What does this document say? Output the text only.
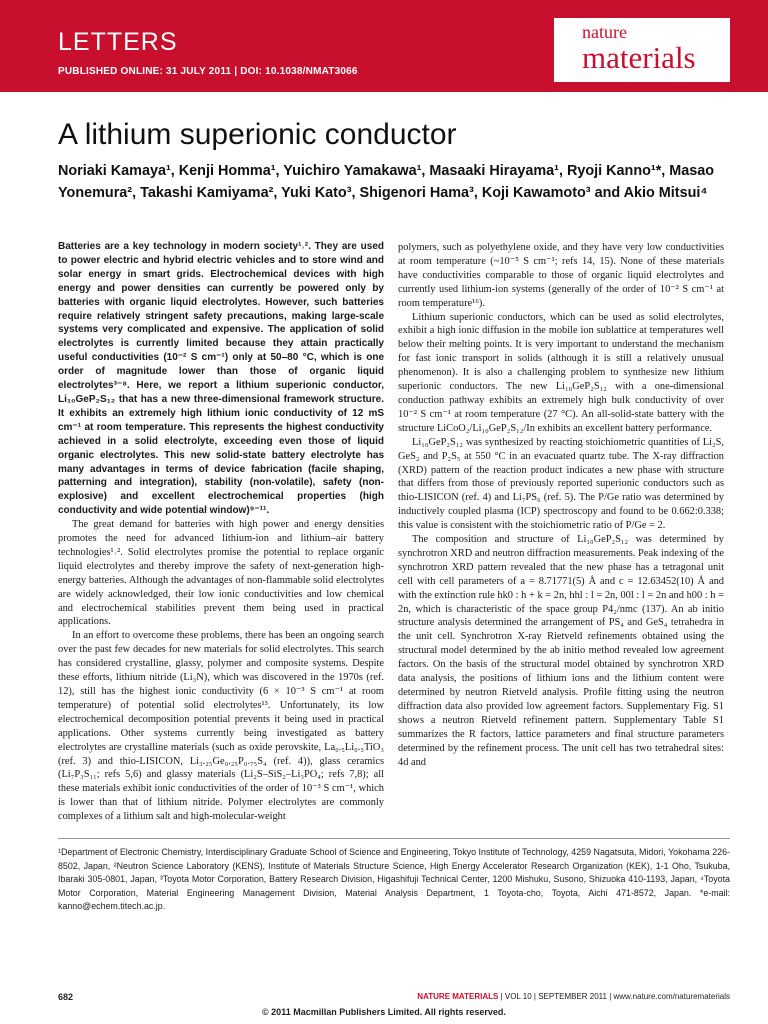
LETTERS
PUBLISHED ONLINE: 31 JULY 2011 | DOI: 10.1038/NMAT3066
nature
materials
A lithium superionic conductor
Noriaki Kamaya¹, Kenji Homma¹, Yuichiro Yamakawa¹, Masaaki Hirayama¹, Ryoji Kanno¹*, Masao Yonemura², Takashi Kamiyama², Yuki Kato³, Shigenori Hama³, Koji Kawamoto³ and Akio Mitsui⁴

Batteries are a key technology in modern society¹˒². They are used to power electric and hybrid electric vehicles and to store wind and solar energy in smart grids. Electrochemical devices with high energy and power densities can currently be powered only by batteries with organic liquid electrolytes. However, such batteries require relatively stringent safety precautions, making large-scale systems very complicated and expensive. The application of solid electrolytes is currently limited because they attain practically useful conductivities (10⁻² S cm⁻¹) only at 50–80 °C, which is one order of magnitude lower than those of organic liquid electrolytes³⁻⁸. Here, we report a lithium superionic conductor, Li₁₀GeP₂S₁₂ that has a new three-dimensional framework structure. It exhibits an extremely high lithium ionic conductivity of 12 mS cm⁻¹ at room temperature. This represents the highest conductivity achieved in a solid electrolyte, exceeding even those of liquid organic electrolytes. This new solid-state battery electrolyte has many advantages in terms of device fabrication (facile shaping, patterning and integration), stability (non-volatile), safety (non-explosive) and excellent electrochemical properties (high conductivity and wide potential window)⁹⁻¹¹.

The great demand for batteries with high power and energy densities promotes the need for advanced lithium-ion and lithium–air battery technologies¹˒². Solid electrolytes promise the potential to replace organic liquid electrolytes and thereby improve the safety of next-generation high-energy batteries. Although the advantages of non-flammable solid electrolytes are widely acknowledged, their low ionic conductivities and low chemical and electrochemical stabilities prevent them being used in practical applications.

In an effort to overcome these problems, there has been an ongoing search over the past few decades for new materials for solid electrolytes. This search has considered crystalline, glassy, polymer and composite systems. Despite these efforts, lithium nitride (Li₃N), which was discovered in the 1970s (ref. 12), still has the highest ionic conductivity (6 × 10⁻³ S cm⁻¹ at room temperature) of potential solid electrolytes¹³. Unfortunately, its low electrochemical decomposition potential prevents it being used in practical applications. Other systems currently being investigated as battery electrolytes are crystalline materials (such as oxide perovskite, La₀.₅Li₀.₅TiO₃ (ref. 3) and thio-LISICON, Li₃.₂₅Ge₀.₂₅P₀.₇₅S₄ (ref. 4)), glass ceramics (Li₇P₃S₁₁; refs 5,6) and glassy materials (Li₂S–SiS₂–Li₃PO₄; refs 7,8); all these materials exhibit ionic conductivities of the order of 10⁻³ S cm⁻¹, which is lower than that of lithium nitride. Polymer electrolytes are commonly complexes of a lithium salt and high-molecular-weight

polymers, such as polyethylene oxide, and they have very low conductivities at room temperature (~10⁻⁵ S cm⁻¹; refs 14, 15). None of these materials have conductivities comparable to those of organic liquid electrolytes and currently used lithium-ion systems (generally of the order of 10⁻² S cm⁻¹ at room temperature¹⁶).

Lithium superionic conductors, which can be used as solid electrolytes, exhibit a high ionic diffusion in the mobile ion sublattice at temperatures well below their melting points. It is very important to understand the mechanism for fast ionic transport in solids (although it is still a relatively unusual phenomenon). It is also a challenging problem to synthesize new lithium superionic conductors. The new Li₁₀GeP₂S₁₂ with a one-dimensional conduction pathway exhibits an extremely high bulk conductivity of over 10⁻² S cm⁻¹ at room temperature (27 °C). An all-solid-state battery with the structure LiCoO₂/Li₁₀GeP₂S₁₂/In exhibits an excellent battery performance.

Li₁₀GeP₂S₁₂ was synthesized by reacting stoichiometric quantities of Li₂S, GeS₂ and P₂S₅ at 550 °C in an evacuated quartz tube. The X-ray diffraction (XRD) pattern of the reaction product indicates a new phase with structure that differs from those of previously reported superionic conductors such as thio-LISICON (ref. 4) and Li₇PS₆ (ref. 5). The P/Ge ratio was determined by inductively coupled plasma (ICP) spectroscopy and found to be 0.662:0.338; this value is consistent with the stoichiometric ratio of P/Ge = 2.

The composition and structure of Li₁₀GeP₂S₁₂ was determined by synchrotron XRD and neutron diffraction measurements. Peak indexing of the synchrotron XRD pattern revealed that the new phase has a tetragonal unit cell with cell parameters of a = 8.71771(5) Å and c = 12.63452(10) Å and with the extinction rule hk0 : h + k = 2n, hhl : l = 2n, 00l : l = 2n and h00 : h = 2n, which is characteristic of the space group P4₂/nmc (137). An ab initio structure analysis determined the arrangement of PS₄ and GeS₄ tetrahedra in the unit cell. Synchrotron X-ray Rietveld refinements obtained using the structural model determined by the ab initio method revealed low agreement factors. On the basis of the structural model obtained by synchrotron XRD data analysis, the positions of lithium ions and the lithium content were determined by neutron Rietveld analysis. Profile fitting using the neutron diffraction data also provided low agreement factors. Supplementary Fig. S1 shows a neutron Rietveld refinement pattern. Supplementary Table S1 summarizes the R factors, lattice parameters and final structure parameters determined by the refinement process. The unit cell has two tetrahedral sites: 4d and

¹Department of Electronic Chemistry, Interdisciplinary Graduate School of Science and Engineering, Tokyo Institute of Technology, 4259 Nagatsuta, Midori, Yokohama 226-8502, Japan, ²Neutron Science Laboratory (KENS), Institute of Materials Structure Science, High Energy Accelerator Research Organization (KEK), 1-1 Oho, Tsukuba, Ibaraki 305-0801, Japan, ³Toyota Motor Corporation, Battery Research Division, Higashifuji Technical Center, 1200 Mishuku, Susono, Shizuoka 410-1193, Japan, ⁴Toyota Motor Corporation, Material Engineering Management Division, Material Analysis Department, 1 Toyota-cho, Toyota, Aichi 471-8572, Japan. *e-mail: kanno@echem.titech.ac.jp.
682	NATURE MATERIALS | VOL 10 | SEPTEMBER 2011 | www.nature.com/naturematerials
© 2011 Macmillan Publishers Limited. All rights reserved.
